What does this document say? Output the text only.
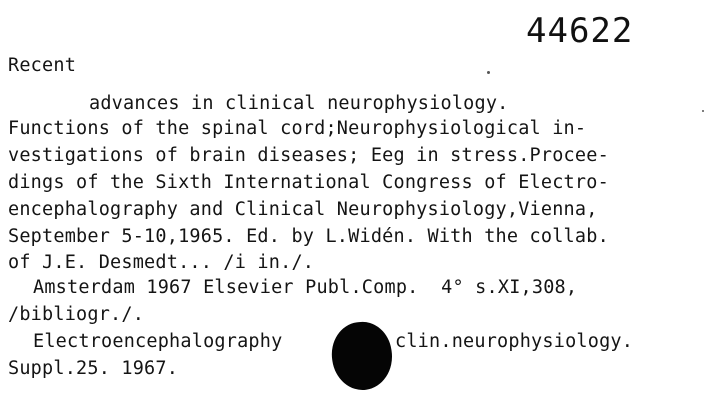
44622
Recent
advances in clinical neurophysiology.
Functions of the spinal cord;Neurophysiological in-
vestigations of brain diseases; Eeg in stress.Procee-
dings of the Sixth International Congress of Electro-
encephalography and Clinical Neurophysiology,Vienna,
September 5-10,1965. Ed. by L.Widén. With the collab.
of J.E. Desmedt... /i in./.
Amsterdam 1967 Elsevier Publ.Comp.  4° s.XI,308,
/bibliogr./.
Electroencephalography	clin.neurophysiology.
Suppl.25. 1967.
